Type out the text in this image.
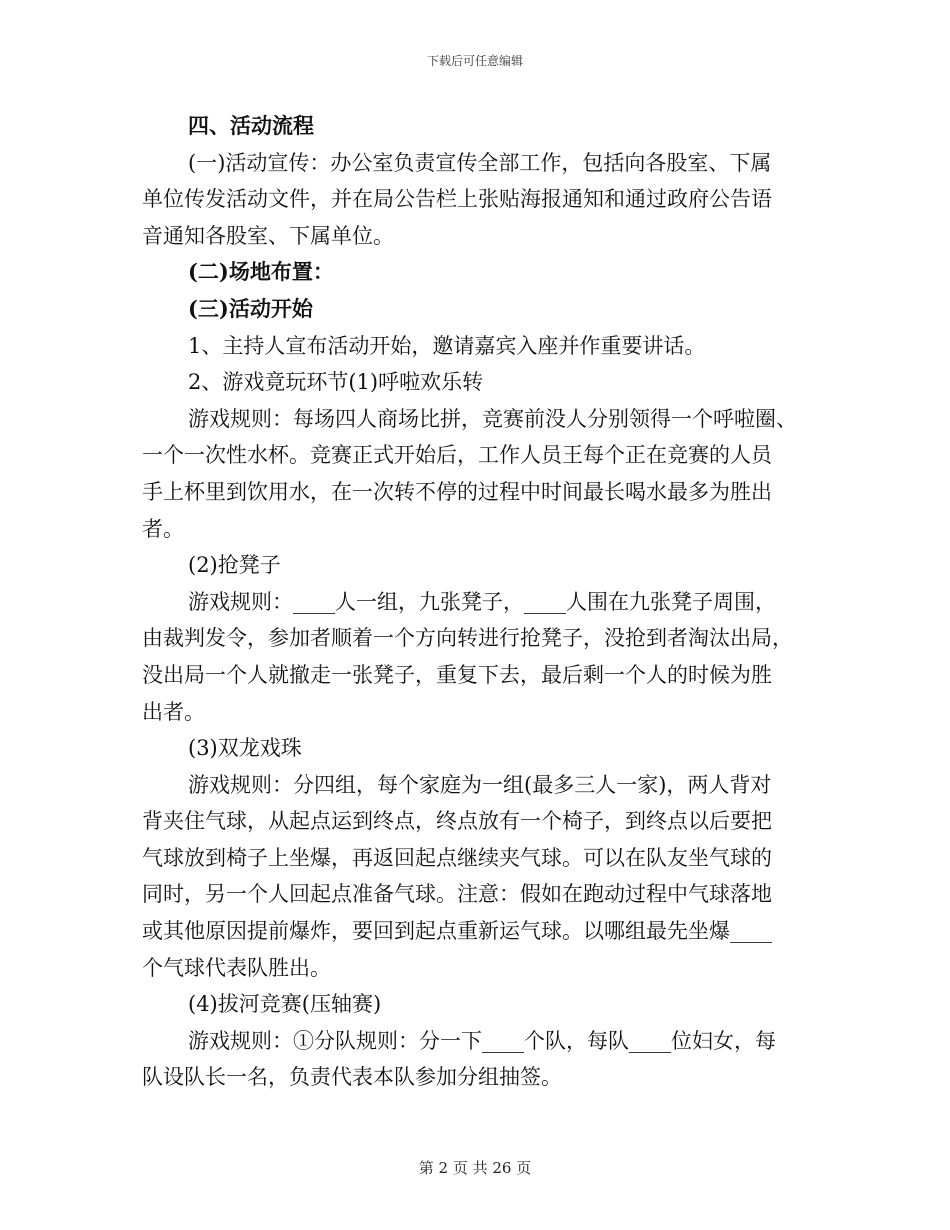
下载后可任意编辑

四、活动流程

(一)活动宣传：办公室负责宣传全部工作，包括向各股室、下属

单位传发活动文件，并在局公告栏上张贴海报通知和通过政府公告语

音通知各股室、下属单位。

(二)场地布置：

(三)活动开始

1、主持人宣布活动开始，邀请嘉宾入座并作重要讲话。

2、游戏竟玩环节(1)呼啦欢乐转

游戏规则：每场四人商场比拼，竞赛前没人分别领得一个呼啦圈、

一个一次性水杯。竞赛正式开始后，工作人员王每个正在竞赛的人员

手上杯里到饮用水，在一次转不停的过程中时间最长喝水最多为胜出

者。

(2)抢凳子

游戏规则：____人一组，九张凳子，____人围在九张凳子周围，

由裁判发令，参加者顺着一个方向转进行抢凳子，没抢到者淘汰出局，

没出局一个人就撤走一张凳子，重复下去，最后剩一个人的时候为胜

出者。

(3)双龙戏珠

游戏规则：分四组，每个家庭为一组(最多三人一家)，两人背对

背夹住气球，从起点运到终点，终点放有一个椅子，到终点以后要把

气球放到椅子上坐爆，再返回起点继续夹气球。可以在队友坐气球的

同时，另一个人回起点准备气球。注意：假如在跑动过程中气球落地

或其他原因提前爆炸，要回到起点重新运气球。以哪组最先坐爆____

个气球代表队胜出。

(4)拔河竞赛(压轴赛)

游戏规则：①分队规则：分一下____个队，每队____位妇女，每

队设队长一名，负责代表本队参加分组抽签。

第 2 页 共 26 页
